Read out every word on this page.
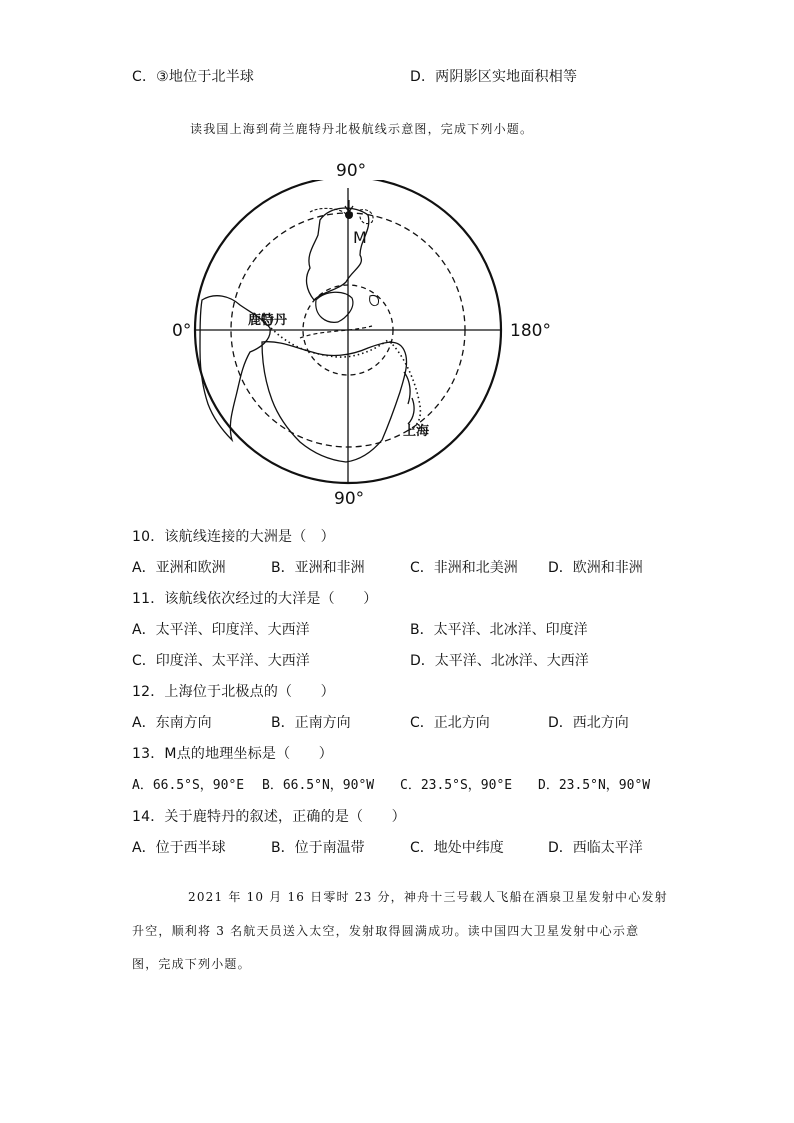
C．③地位于北半球	D．两阴影区实地面积相等
读我国上海到荷兰鹿特丹北极航线示意图，完成下列小题。
90°
90°
0°	180°
M
鹿特丹
上海
10．该航线连接的大洲是（　）
A．亚洲和欧洲	B．亚洲和非洲	C．非洲和北美洲 D．欧洲和非洲
11．该航线依次经过的大洋是（　　）
A．太平洋、印度洋、大西洋	B．太平洋、北冰洋、印度洋
C．印度洋、太平洋、大西洋	D．太平洋、北冰洋、大西洋
12．上海位于北极点的（　　）
A．东南方向	B．正南方向	C．正北方向	D．西北方向
13．M点的地理坐标是（　　）
A．66.5°S，90°E B．66.5°N，90°W C．23.5°S，90°E D．23.5°N，90°W
14．关于鹿特丹的叙述，正确的是（　　）
A．位于西半球	B．位于南温带	C．地处中纬度	D．西临太平洋
2021 年 10 月 16 日零时 23 分，神舟十三号载人飞船在酒泉卫星发射中心发射
升空，顺利将 3 名航天员送入太空，发射取得圆满成功。读中国四大卫星发射中心示意
图，完成下列小题。
